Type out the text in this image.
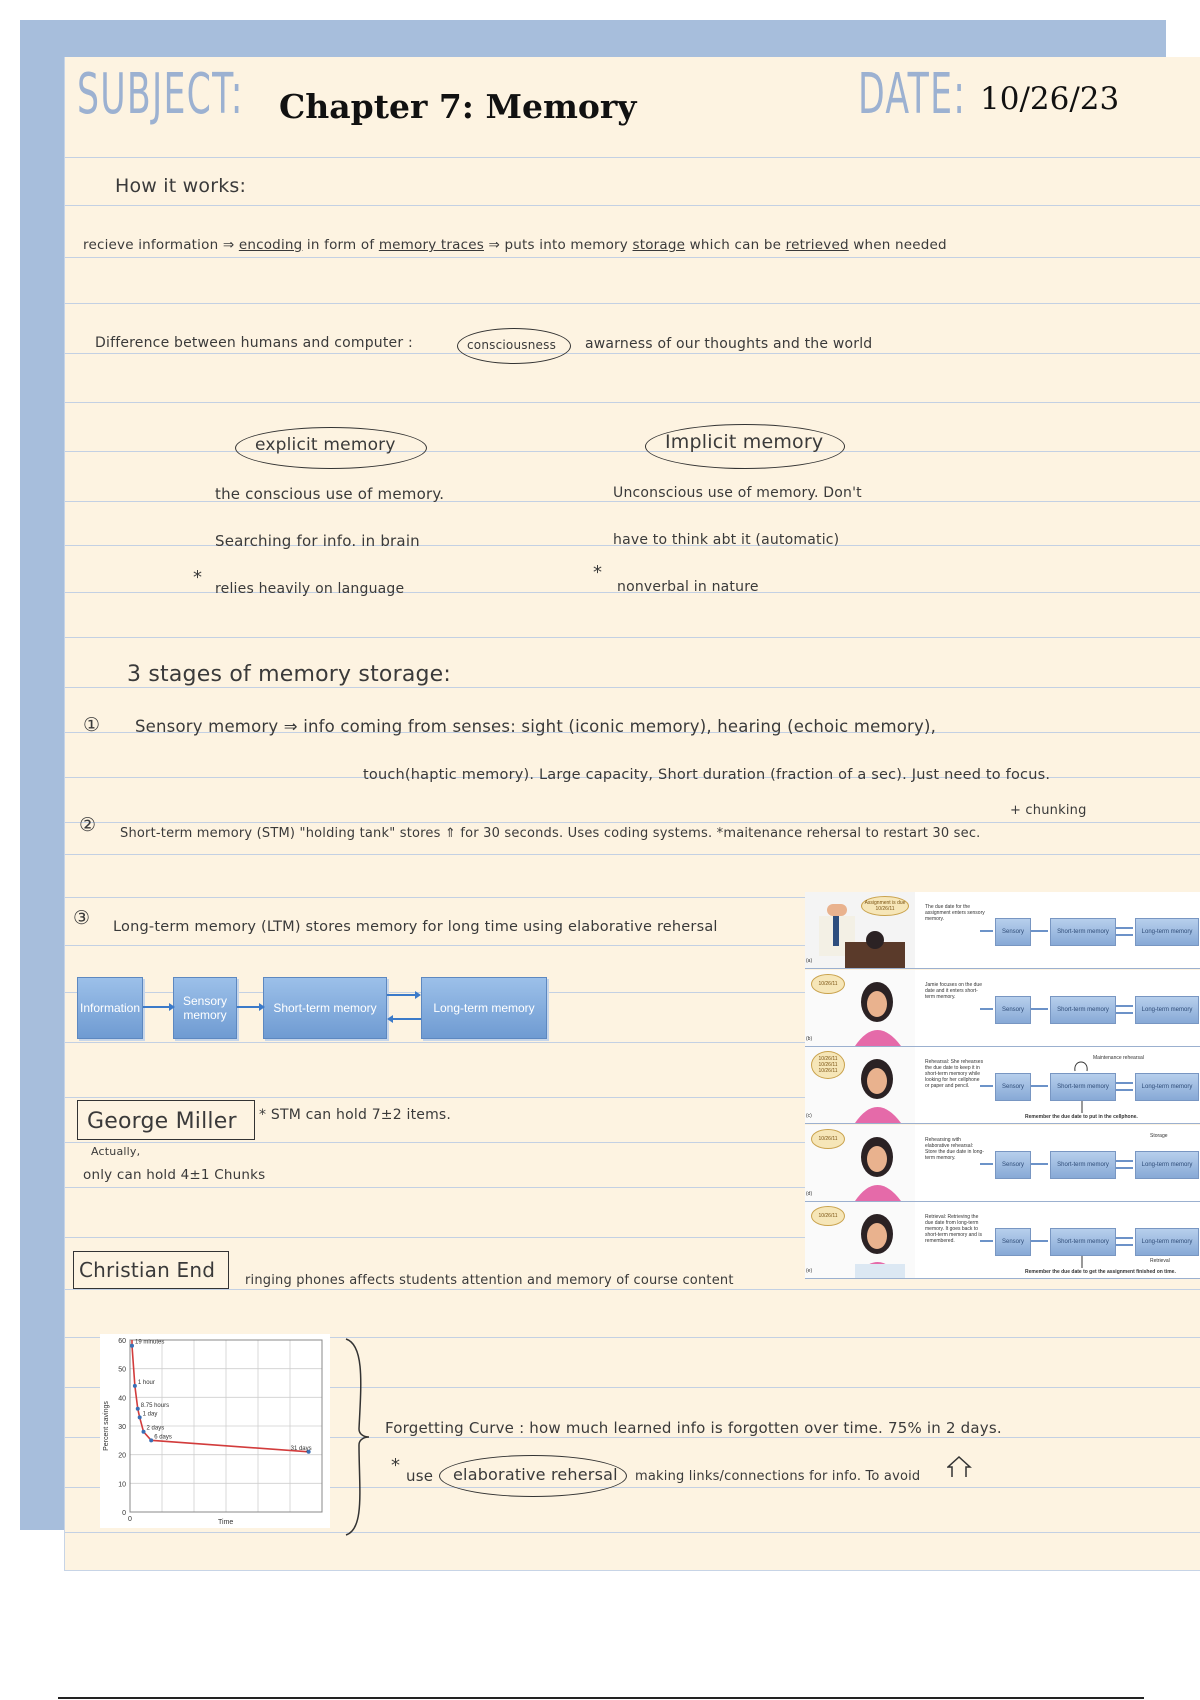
SUBJECT: Chapter 7: Memory	DATE: 10/26/23
How it works:
recieve information ⇒ encoding in form of memory traces ⇒ puts into memory storage which can be retrieved when needed
Difference between humans and computer :	consciousness awarness of our thoughts and the world
explicit memory	Implicit memory
the conscious use of memory.
Searching for info. in brain
*
relies heavily on language
Unconscious use of memory. Don't
have to think abt it (automatic)
*
nonverbal in nature
3 stages of memory storage:
① Sensory memory ⇒ info coming from senses: sight (iconic memory), hearing (echoic memory),
touch(haptic memory). Large capacity, Short duration (fraction of a sec). Just need to focus.
+ chunking
② Short-term memory (STM) "holding tank" stores ⇑ for 30 seconds. Uses coding systems. *maitenance rehersal to restart 30 sec.
③ Long-term memory (LTM) stores memory for long time using elaborative rehersal
Information	Sensory memory	Short-term memory	Long-term memory
George Miller * STM can hold 7±2 items.
Actually,
only can hold 4±1 Chunks
Christian End ringing phones affects students attention and memory of course content
Forgetting Curve : how much learned info is forgotten over time. 75% in 2 days.
* use elaborative rehersal making links/connections for info. To avoid
0
10
20
30
40
50
60
0	Time
Percent savings
19 minutes
1 hour
8.75 hours
1 day
2 days
6 days
31 days
Assignment is due 10/26/11
(a)
The due date for the assignment enters sensory memory.
Sensory	Short-term memory	Long-term memory
10/26/11
(b)
Jamie focuses on the due date and it enters short-term memory.
Sensory	Short-term memory	Long-term memory
10/26/11 10/26/11 10/26/11
(c)
Rehearsal: She rehearses the due date to keep it in short-term memory while looking for her cellphone or paper and pencil.	Sensory	Short-term memory	Long-term memory
Maintenance rehearsal
Remember the due date to put in the cellphone.
10/26/11
(d)
Rehearsing with elaborative rehearsal: Store the due date in long-term memory.
Sensory	Short-term memory	Long-term memory
Storage
10/26/11
(e)
Retrieval: Retrieving the due date from long-term memory. It goes back to short-term memory and is remembered.	Sensory	Short-term memory	Long-term memory
Retrieval
Remember the due date to get the assignment finished on time.
